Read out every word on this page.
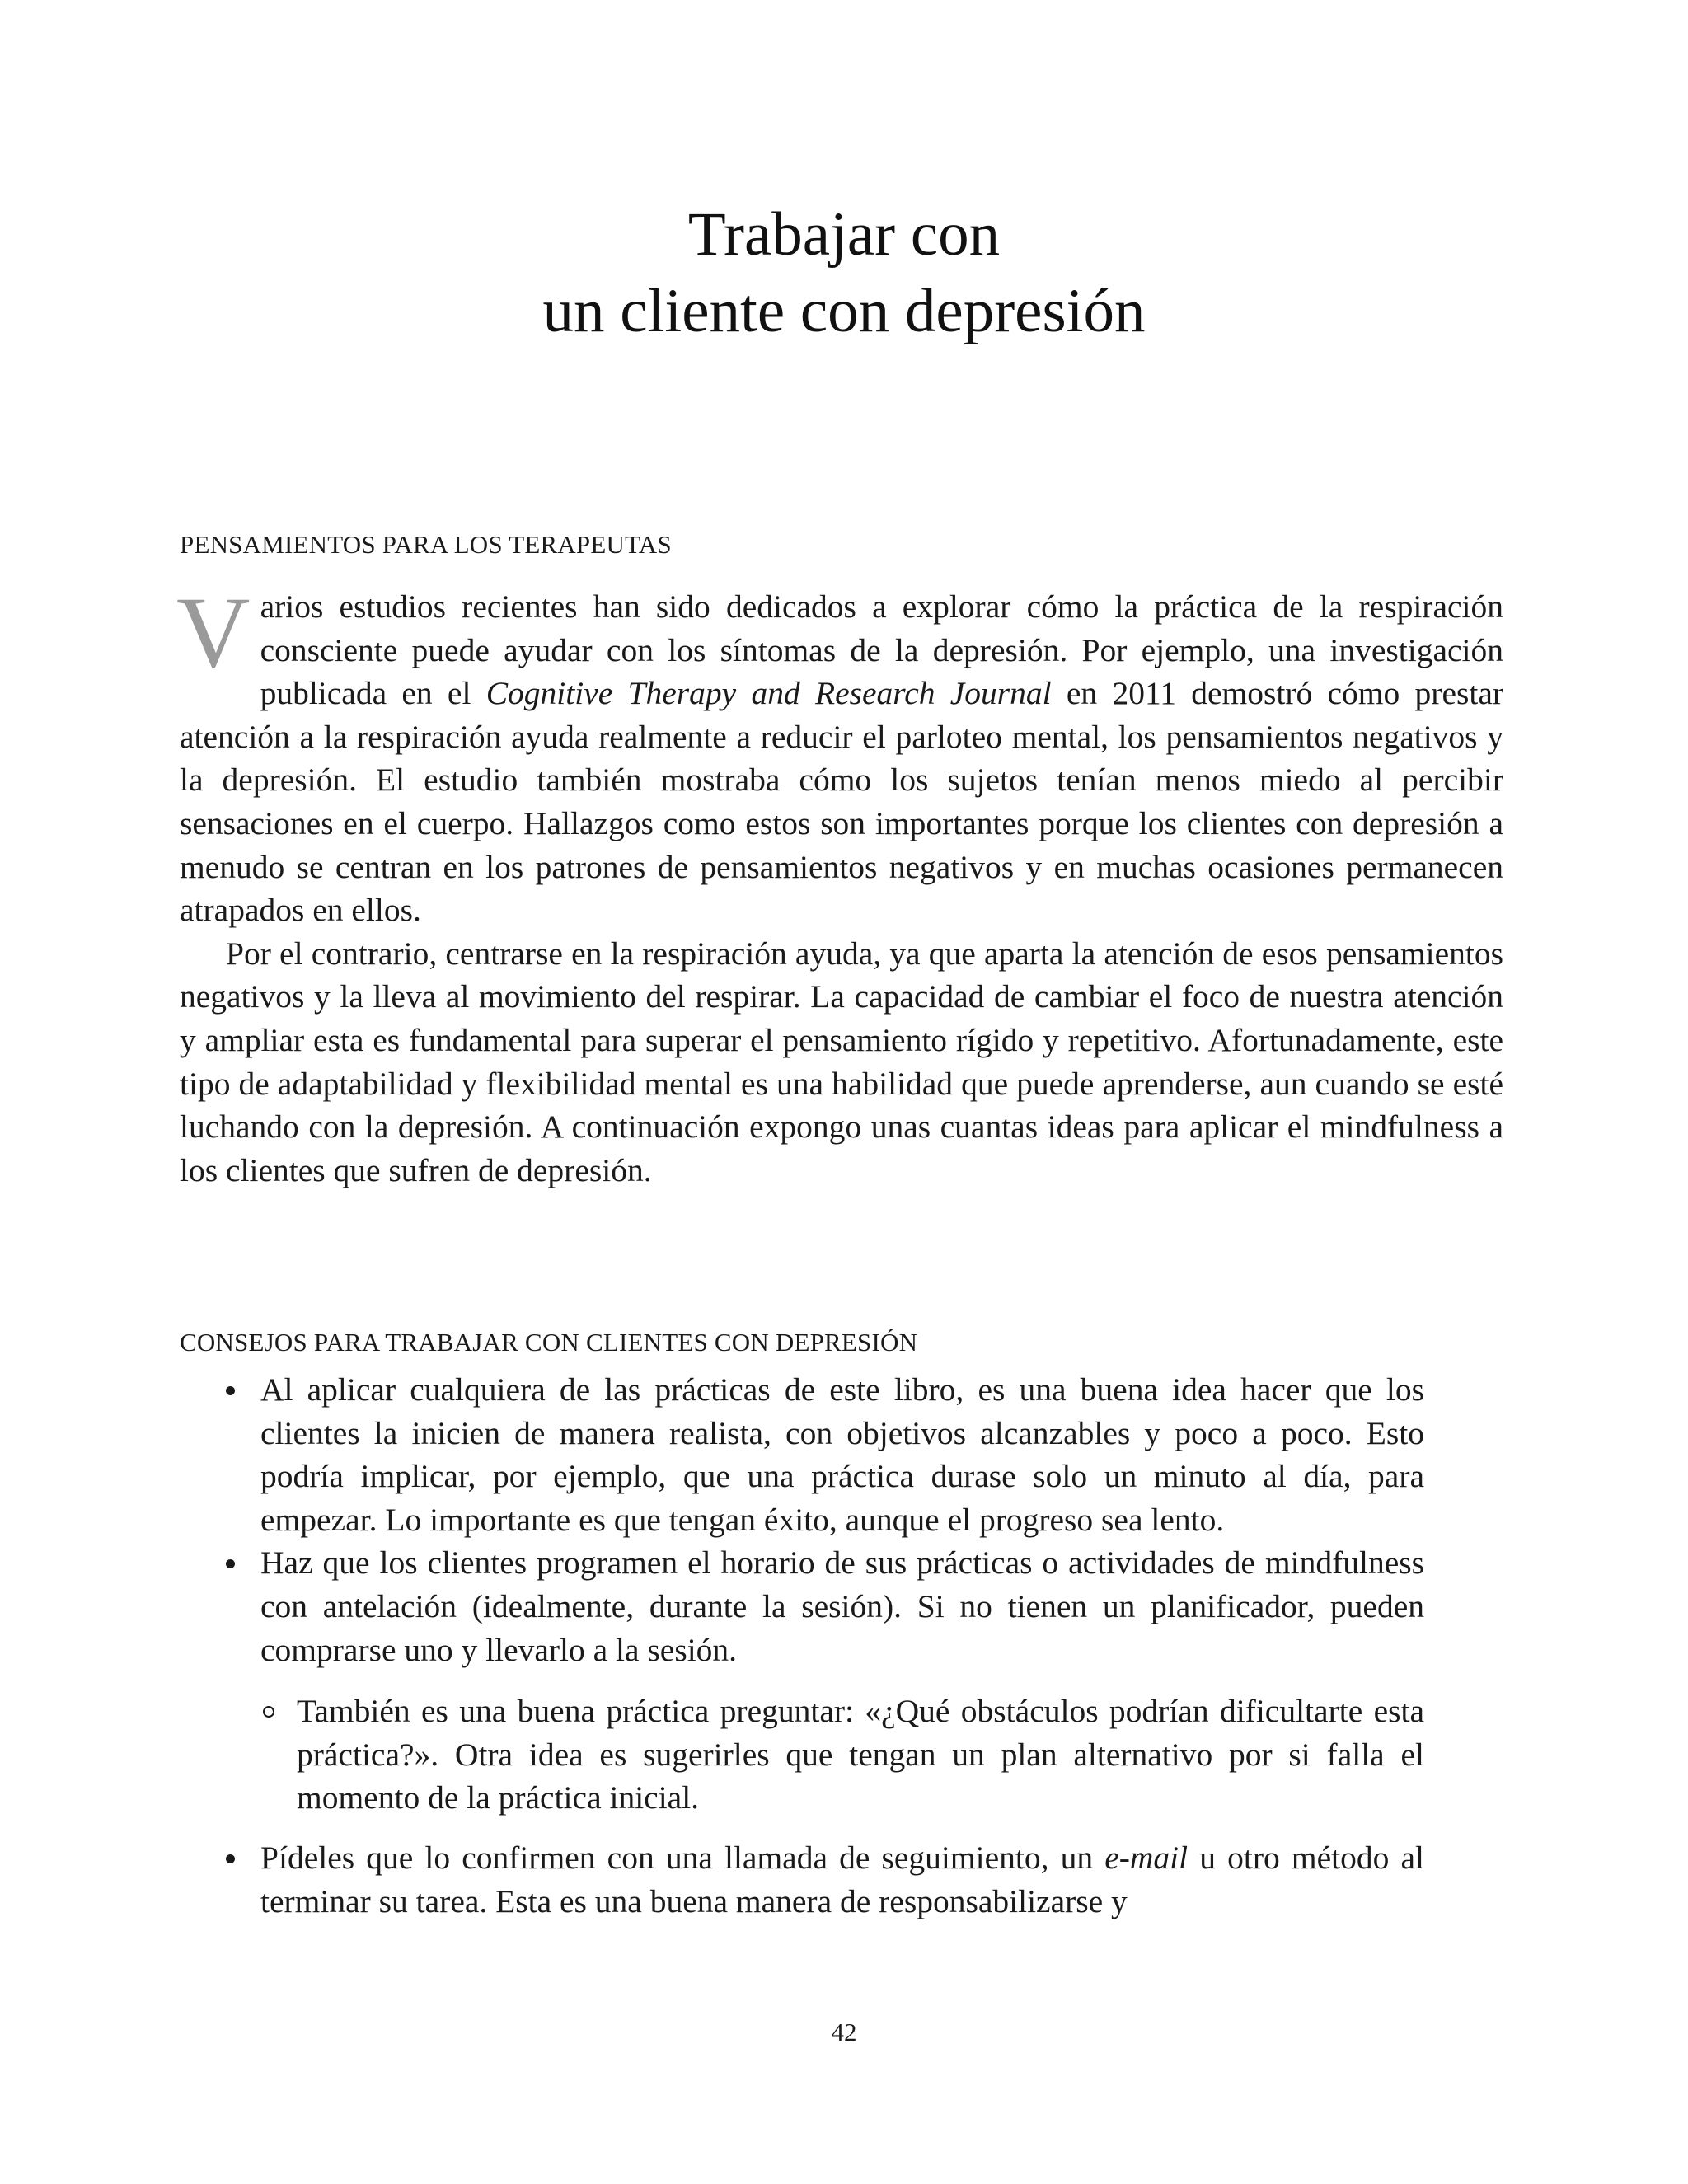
Trabajar con
un cliente con depresión
PENSAMIENTOS PARA LOS TERAPEUTAS

Varios estudios recientes han sido dedicados a explorar cómo la práctica de la respiración consciente puede ayudar con los síntomas de la depresión. Por ejemplo, una investigación publicada en el Cognitive Therapy and Research Journal en 2011 demostró cómo prestar atención a la respiración ayuda realmente a reducir el parloteo mental, los pensamientos negativos y la depresión. El estudio también mostraba cómo los sujetos tenían menos miedo al percibir sensaciones en el cuerpo. Hallazgos como estos son importantes porque los clientes con depresión a menudo se centran en los patrones de pensamientos negativos y en muchas ocasiones permanecen atrapados en ellos.

Por el contrario, centrarse en la respiración ayuda, ya que aparta la atención de esos pensamientos negativos y la lleva al movimiento del respirar. La capacidad de cambiar el foco de nuestra atención y ampliar esta es fundamental para superar el pensamiento rígido y repetitivo. Afortunadamente, este tipo de adaptabilidad y flexibilidad mental es una habilidad que puede aprenderse, aun cuando se esté luchando con la depresión. A continuación expongo unas cuantas ideas para aplicar el mindfulness a los clientes que sufren de depresión.

CONSEJOS PARA TRABAJAR CON CLIENTES CON DEPRESIÓN
Al aplicar cualquiera de las prácticas de este libro, es una buena idea hacer que los clientes la inicien de manera realista, con objetivos alcanzables y poco a poco. Esto podría implicar, por ejemplo, que una práctica durase solo un minuto al día, para empezar. Lo importante es que tengan éxito, aunque el progreso sea lento.
Haz que los clientes programen el horario de sus prácticas o actividades de mindfulness con antelación (idealmente, durante la sesión). Si no tienen un planificador, pueden comprarse uno y llevarlo a la sesión.
También es una buena práctica preguntar: «¿Qué obstáculos podrían dificultarte esta práctica?». Otra idea es sugerirles que tengan un plan alternativo por si falla el momento de la práctica inicial.
Pídeles que lo confirmen con una llamada de seguimiento, un e-mail u otro método al terminar su tarea. Esta es una buena manera de responsabilizarse y
42
